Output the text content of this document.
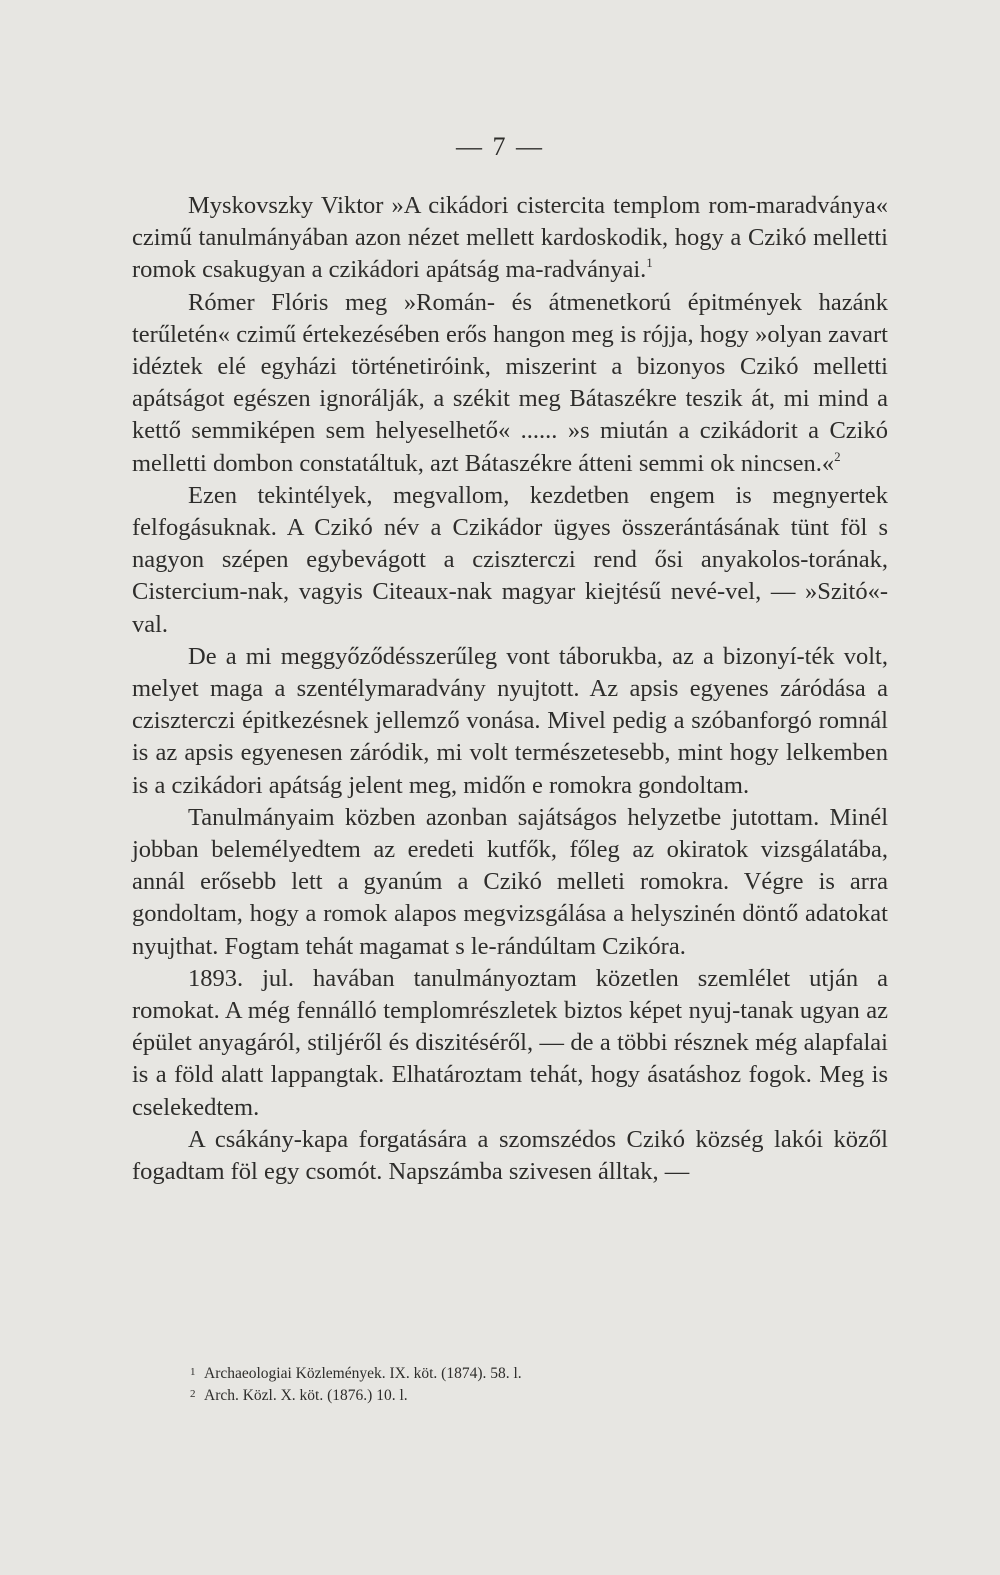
— 7 —

Myskovszky Viktor »A cikádori cistercita templom rom-maradványa« czimű tanulmányában azon nézet mellett kardoskodik, hogy a Czikó melletti romok csakugyan a czikádori apátság ma-radványai.$^1$

Rómer Flóris meg »Román- és átmenetkorú épitmények hazánk terűletén« czimű értekezésében erős hangon meg is rójja, hogy »olyan zavart idéztek elé egyházi történetiróink, miszerint a bizonyos Czikó melletti apátságot egészen ignorálják, a székit meg Bátaszékre teszik át, mi mind a kettő semmiképen sem helyeselhető« ...... »s miután a czikádorit a Czikó melletti dombon constatáltuk, azt Bátaszékre átteni semmi ok nincsen.«$^2$

Ezen tekintélyek, megvallom, kezdetben engem is megnyertek felfogásuknak. A Czikó név a Czikádor ügyes összerántásának tünt föl s nagyon szépen egybevágott a cziszterczi rend ősi anyakolos-torának, Cistercium-nak, vagyis Citeaux-nak magyar kiejtésű nevé-vel, — »Szitó«-val.

De a mi meggyőződésszerűleg vont táborukba, az a bizonyí-ték volt, melyet maga a szentélymaradvány nyujtott. Az apsis egyenes záródása a cziszterczi épitkezésnek jellemző vonása. Mivel pedig a szóbanforgó romnál is az apsis egyenesen záródik, mi volt természetesebb, mint hogy lelkemben is a czikádori apátság jelent meg, midőn e romokra gondoltam.

Tanulmányaim közben azonban sajátságos helyzetbe jutottam. Minél jobban belemélyedtem az eredeti kutfők, főleg az okiratok vizsgálatába, annál erősebb lett a gyanúm a Czikó melleti romokra. Végre is arra gondoltam, hogy a romok alapos megvizsgálása a helyszinén döntő adatokat nyujthat. Fogtam tehát magamat s le-rándúltam Czikóra.

1893. jul. havában tanulmányoztam közetlen szemlélet utján a romokat. A még fennálló templomrészletek biztos képet nyuj-tanak ugyan az épület anyagáról, stiljéről és diszitéséről, — de a többi résznek még alapfalai is a föld alatt lappangtak. Elhatároztam tehát, hogy ásatáshoz fogok. Meg is cselekedtem.

A csákány-kapa forgatására a szomszédos Czikó község lakói közől fogadtam föl egy csomót. Napszámba szivesen álltak, —

1 Archaeologiai Közlemények. IX. köt. (1874). 58. l.
2 Arch. Közl. X. köt. (1876.) 10. l.
